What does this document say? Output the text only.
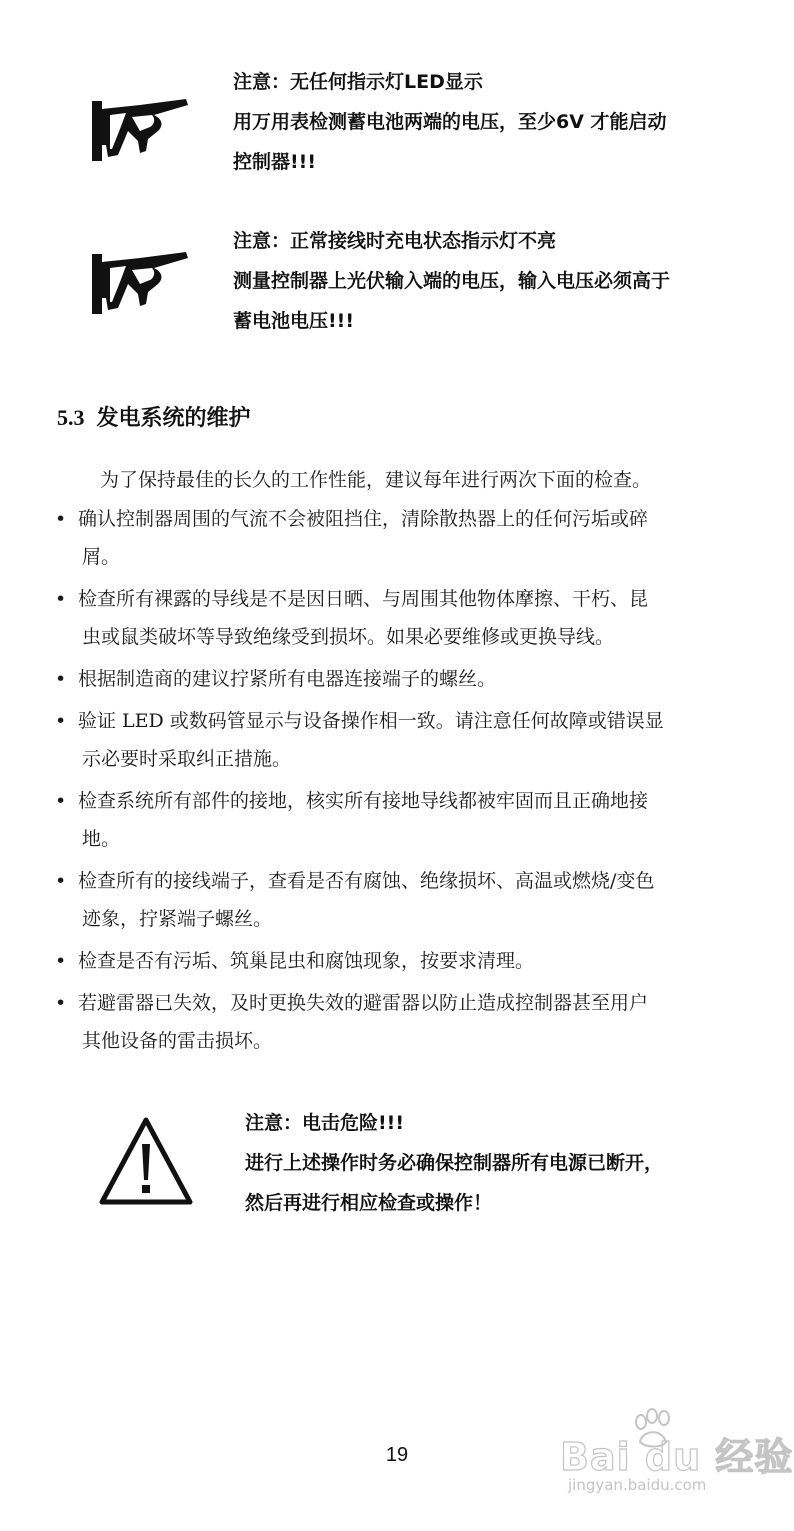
注意：无任何指示灯LED显示
用万用表检测蓄电池两端的电压，至少6V 才能启动
控制器!!!
注意：正常接线时充电状态指示灯不亮
测量控制器上光伏输入端的电压，输入电压必须高于
蓄电池电压!!!
5.3 发电系统的维护
为了保持最佳的长久的工作性能，建议每年进行两次下面的检查。
• 确认控制器周围的气流不会被阻挡住，清除散热器上的任何污垢或碎
屑。
• 检查所有裸露的导线是不是因日晒、与周围其他物体摩擦、干朽、昆
虫或鼠类破坏等导致绝缘受到损坏。如果必要维修或更换导线。
• 根据制造商的建议拧紧所有电器连接端子的螺丝。
• 验证 LED 或数码管显示与设备操作相一致。请注意任何故障或错误显
示必要时采取纠正措施。
• 检查系统所有部件的接地，核实所有接地导线都被牢固而且正确地接
地。
• 检查所有的接线端子，查看是否有腐蚀、绝缘损坏、高温或燃烧/变色
迹象，拧紧端子螺丝。
• 检查是否有污垢、筑巢昆虫和腐蚀现象，按要求清理。
• 若避雷器已失效，及时更换失效的避雷器以防止造成控制器甚至用户
其他设备的雷击损坏。
注意：电击危险!!!
进行上述操作时务必确保控制器所有电源已断开，
然后再进行相应检查或操作！
19	Bai du 经验
jingyan.baidu.com
